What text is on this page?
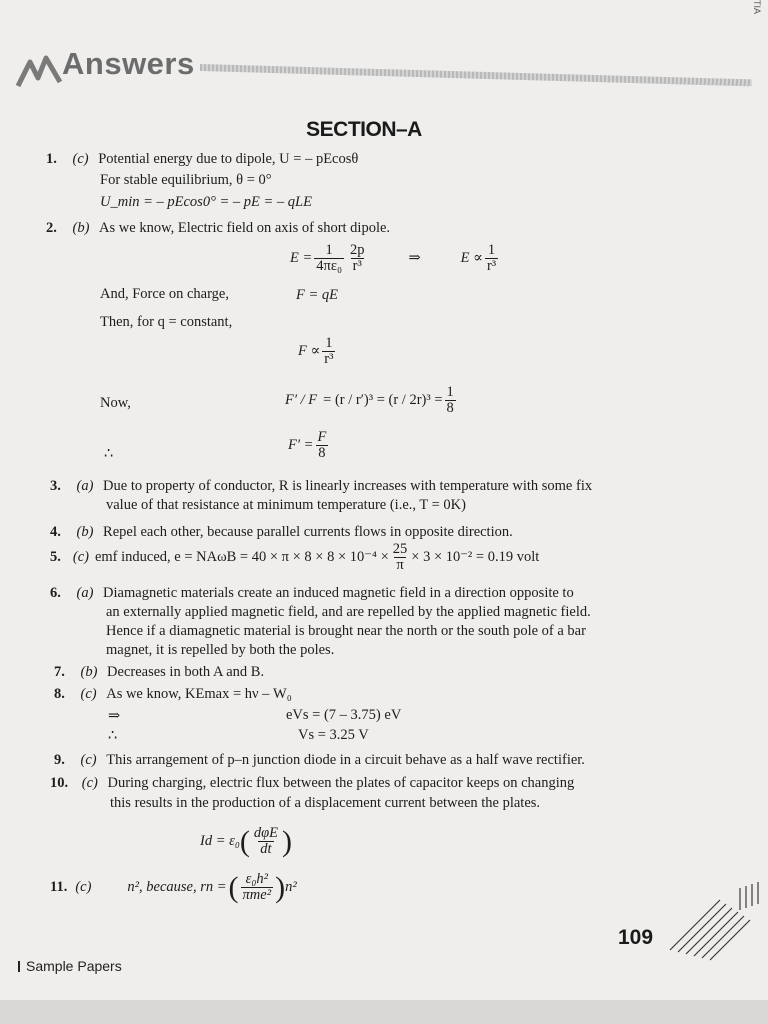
Answers
TIA
SECTION–A
1. (c) Potential energy due to dipole, U = – pEcosθ
For stable equilibrium, θ = 0°
U_min = – pEcos0° = – pE = – qLE
2. (b) As we know, Electric field on axis of short dipole.
$E = \frac{1}{\text{4πε₀}} \frac{2p}{\text{r³}}$	⇒	$E \propto \frac{1}{\text{r³}}$
And, Force on charge,	F = qE
Then, for q = constant,
$F \propto \frac{1}{\text{r³}}$
Now,	$F' / F = (r / r')^3 = (r / 2r)^3 = \frac{1}{8}$
∴
$F' = \frac{F}{8}$
3. (a) Due to property of conductor, R is linearly increases with temperature with some fix
value of that resistance at minimum temperature (i.e., T = 0K)
4. (b) Repel each other, because parallel currents flows in opposite direction.
5. (c) emf induced, $e = NA\omega B = 40 \times \pi \times 8 \times 8 \times 10^{-4} \times \frac{25}{\pi} \times 3 \times 10^{-2} = 0.19$ volt
6. (a) Diamagnetic materials create an induced magnetic field in a direction opposite to
an externally applied magnetic field, and are repelled by the applied magnetic field.
Hence if a diamagnetic material is brought near the north or the south pole of a bar
magnet, it is repelled by both the poles.
7. (b) Decreases in both A and B.
8. (c) As we know, KEmax = hν – W₀
⇒	eVs = (7 – 3.75) eV
∴	Vs = 3.25 V
9. (c) This arrangement of p–n junction diode in a circuit behave as a half wave rectifier.
10. (c) During charging, electric flux between the plates of capacitor keeps on changing
this results in the production of a displacement current between the plates.
Id = ε₀ ( $\frac{\text{dφE}}{dt}$ )
11. (c) n², because, rn = ( $\frac{\text{ε₀h²}}{\text{πme²}}$ ) n²
109
Sample Papers
